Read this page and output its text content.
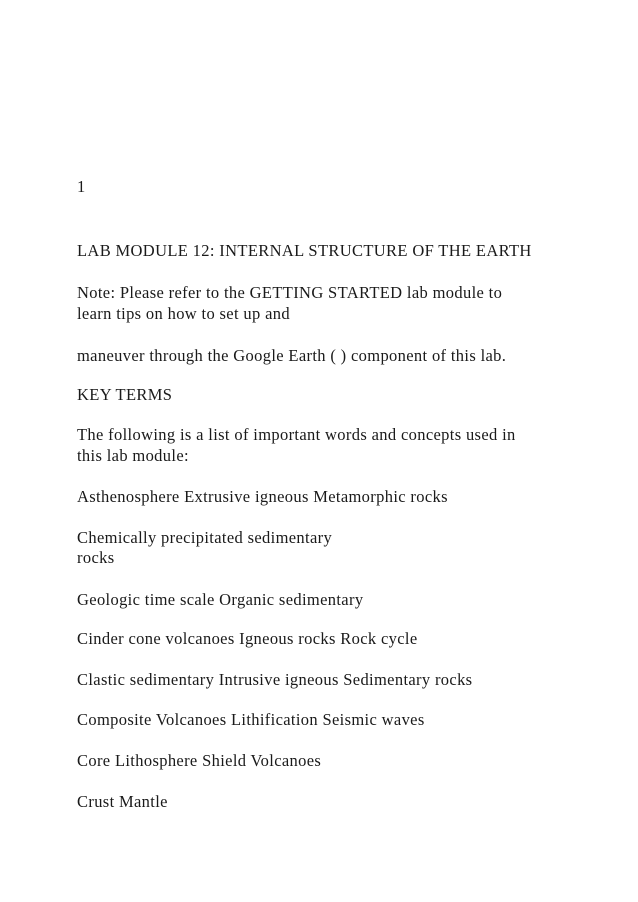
1

LAB MODULE 12: INTERNAL STRUCTURE OF THE EARTH

Note: Please refer to the GETTING STARTED lab module to

learn tips on how to set up and

maneuver through the Google Earth ( ) component of this lab.

KEY TERMS

The following is a list of important words and concepts used in

this lab module:

Asthenosphere Extrusive igneous Metamorphic rocks

Chemically precipitated sedimentary

rocks

Geologic time scale Organic sedimentary

Cinder cone volcanoes Igneous rocks Rock cycle

Clastic sedimentary Intrusive igneous Sedimentary rocks

Composite Volcanoes Lithification Seismic waves

Core Lithosphere Shield Volcanoes

Crust Mantle
